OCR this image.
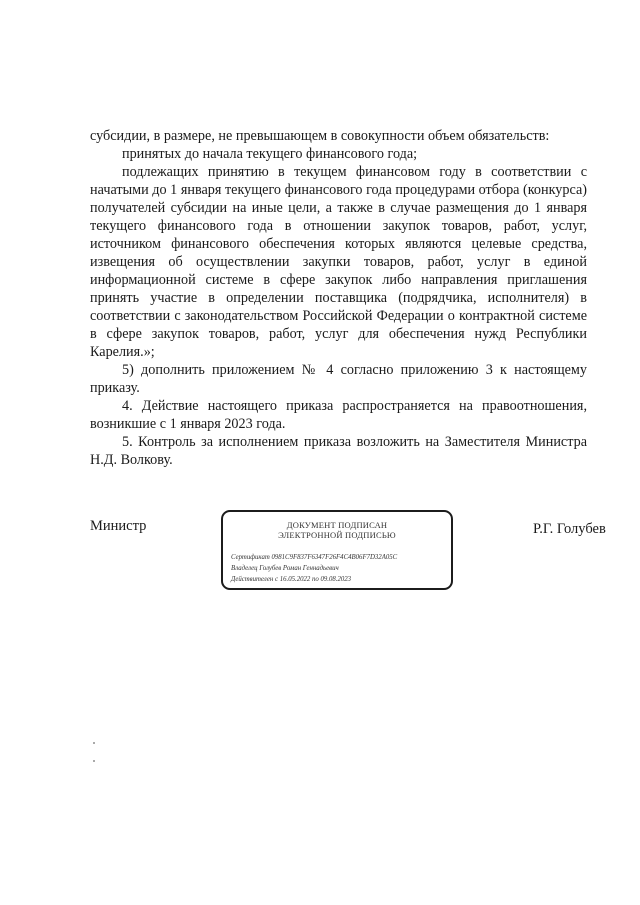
субсидии, в размере, не превышающем в совокупности объем обязательств:

принятых до начала текущего финансового года;

подлежащих принятию в текущем финансовом году в соответствии с начатыми до 1 января текущего финансового года процедурами отбора (конкурса) получателей субсидии на иные цели, а также в случае размещения до 1 января текущего финансового года в отношении закупок товаров, работ, услуг, источником финансового обеспечения которых являются целевые средства, извещения об осуществлении закупки товаров, работ, услуг в единой информационной системе в сфере закупок либо направления приглашения принять участие в определении поставщика (подрядчика, исполнителя) в соответствии с законодательством Российской Федерации о контрактной системе в сфере закупок товаров, работ, услуг для обеспечения нужд Республики Карелия.»;

5) дополнить приложением № 4 согласно приложению 3 к настоящему приказу.

4. Действие настоящего приказа распространяется на правоотношения, возникшие с 1 января 2023 года.

5. Контроль за исполнением приказа возложить на Заместителя Министра Н.Д. Волкову.

Министр	ДОКУМЕНТ ПОДПИСАН
ЭЛЕКТРОННОЙ ПОДПИСЬЮ
Сертификат 0981C9F837F6347F26F4C4B06F7D32A05C
Владелец Голубев Роман Геннадьевич
Действителен с 16.05.2022 по 09.08.2023
Р.Г. Голубев
